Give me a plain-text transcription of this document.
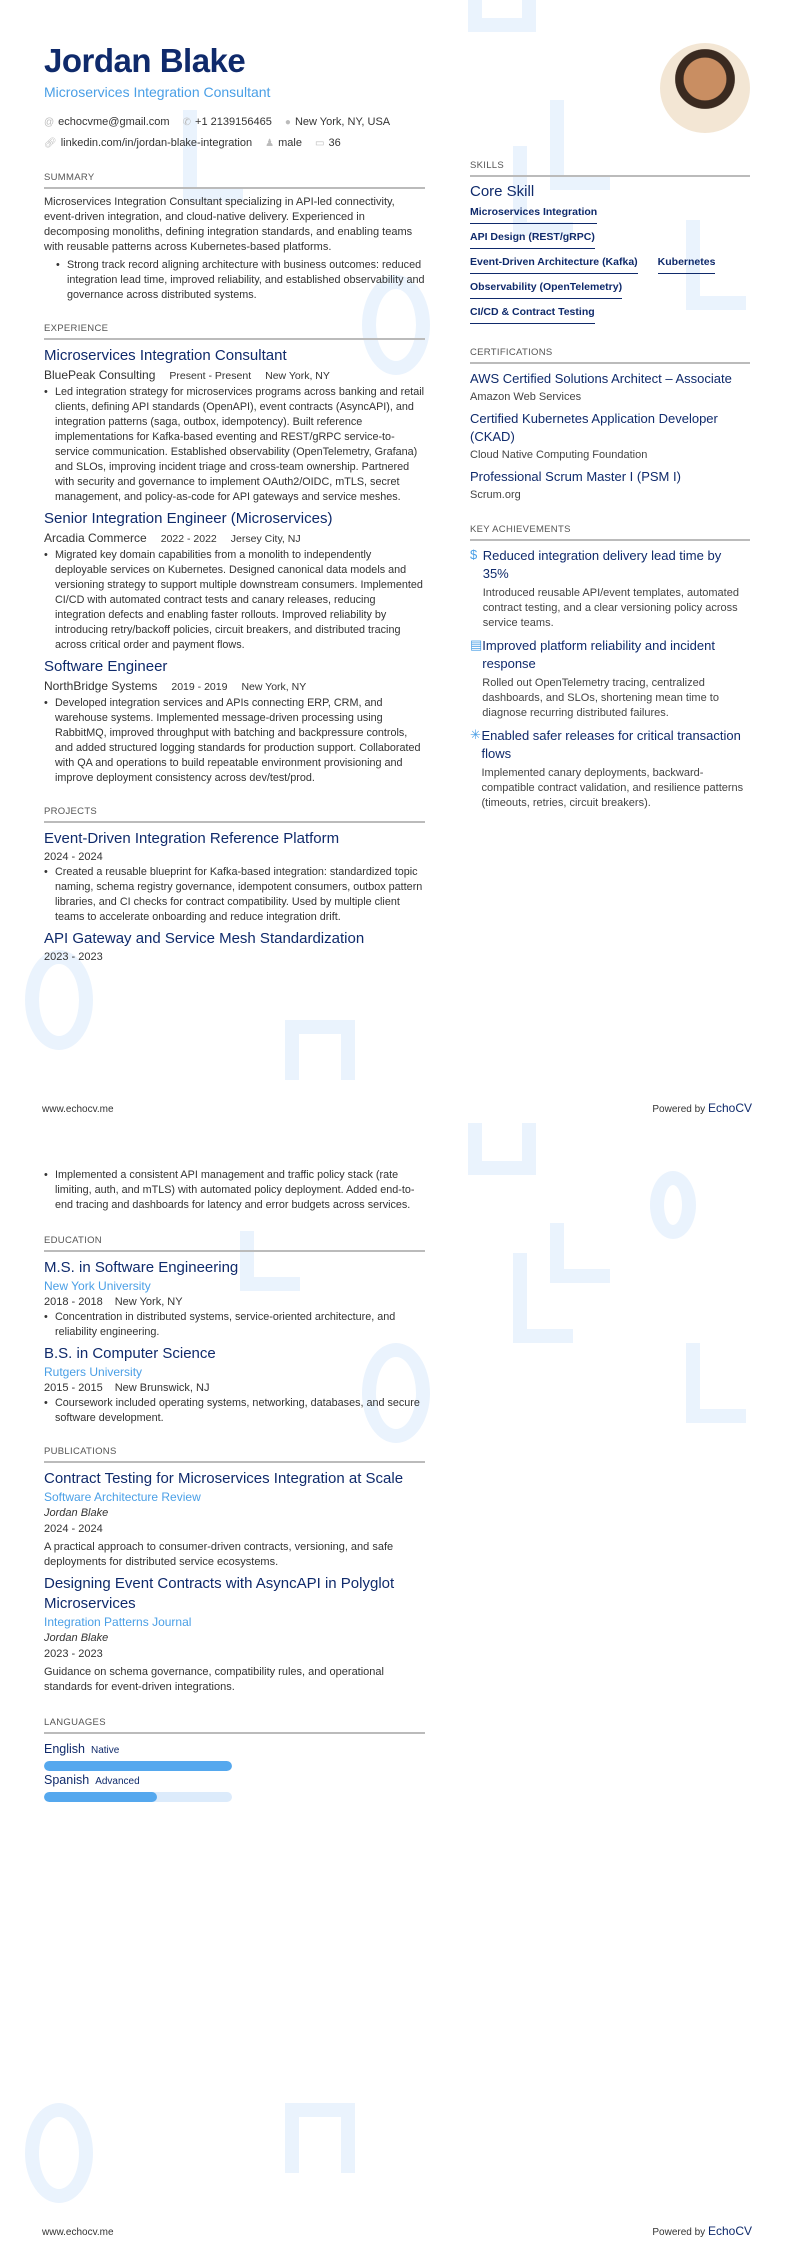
Jordan Blake
Microservices Integration Consultant
@ echocvme@gmail.com ✆ +1 2139156465 ● New York, NY, USA
🔗︎ linkedin.com/in/jordan-blake-integration ♟ male ▭ 36
SUMMARY
Microservices Integration Consultant specializing in API-led connectivity, event-driven integration, and cloud-native delivery. Experienced in decomposing monoliths, defining integration standards, and enabling teams with reusable patterns across Kubernetes-based platforms.
• Strong track record aligning architecture with business outcomes: reduced integration lead time, improved reliability, and established observability and governance across distributed systems.
EXPERIENCE
Microservices Integration Consultant
BluePeak Consulting Present - Present New York, NY
• Led integration strategy for microservices programs across banking and retail clients, defining API standards (OpenAPI), event contracts (AsyncAPI), and integration patterns (saga, outbox, idempotency). Built reference implementations for Kafka-based eventing and REST/gRPC service-to-service communication. Established observability (OpenTelemetry, Grafana) and SLOs, improving incident triage and cross-team ownership. Partnered with security and governance to implement OAuth2/OIDC, mTLS, secret management, and policy-as-code for API gateways and service meshes.
Senior Integration Engineer (Microservices)
Arcadia Commerce 2022 - 2022 Jersey City, NJ
• Migrated key domain capabilities from a monolith to independently deployable services on Kubernetes. Designed canonical data models and versioning strategy to support multiple downstream consumers. Implemented CI/CD with automated contract tests and canary releases, reducing integration defects and enabling faster rollouts. Improved reliability by introducing retry/backoff policies, circuit breakers, and distributed tracing across critical order and payment flows.
Software Engineer
NorthBridge Systems 2019 - 2019 New York, NY
• Developed integration services and APIs connecting ERP, CRM, and warehouse systems. Implemented message-driven processing using RabbitMQ, improved throughput with batching and backpressure controls, and added structured logging standards for production support. Collaborated with QA and operations to build repeatable environment provisioning and improve deployment consistency across dev/test/prod.
PROJECTS
Event-Driven Integration Reference Platform
2024 - 2024
• Created a reusable blueprint for Kafka-based integration: standardized topic naming, schema registry governance, idempotent consumers, outbox pattern libraries, and CI checks for contract compatibility. Used by multiple client teams to accelerate onboarding and reduce integration drift.
API Gateway and Service Mesh Standardization
2023 - 2023
SKILLS
Core Skill
Microservices Integration
API Design (REST/gRPC)
Event-Driven Architecture (Kafka) Kubernetes
Observability (OpenTelemetry)
CI/CD & Contract Testing
CERTIFICATIONS
AWS Certified Solutions Architect – Associate
Amazon Web Services
Certified Kubernetes Application Developer (CKAD)
Cloud Native Computing Foundation
Professional Scrum Master I (PSM I)
Scrum.org
KEY ACHIEVEMENTS
$ Reduced integration delivery lead time by 35%
Introduced reusable API/event templates, automated contract testing, and a clear versioning policy across service teams.
▤ Improved platform reliability and incident response
Rolled out OpenTelemetry tracing, centralized dashboards, and SLOs, shortening mean time to diagnose recurring distributed failures.
✳ Enabled safer releases for critical transaction flows
Implemented canary deployments, backward-compatible contract validation, and resilience patterns (timeouts, retries, circuit breakers).
www.echocv.me	Powered by EchoCV
• Implemented a consistent API management and traffic policy stack (rate limiting, auth, and mTLS) with automated policy deployment. Added end-to-end tracing and dashboards for latency and error budgets across services.
EDUCATION
M.S. in Software Engineering
New York University
2018 - 2018 New York, NY
• Concentration in distributed systems, service-oriented architecture, and reliability engineering.
B.S. in Computer Science
Rutgers University
2015 - 2015 New Brunswick, NJ
• Coursework included operating systems, networking, databases, and secure software development.
PUBLICATIONS
Contract Testing for Microservices Integration at Scale
Software Architecture Review
Jordan Blake
2024 - 2024
A practical approach to consumer-driven contracts, versioning, and safe deployments for distributed service ecosystems.
Designing Event Contracts with AsyncAPI in Polyglot Microservices
Integration Patterns Journal
Jordan Blake
2023 - 2023
Guidance on schema governance, compatibility rules, and operational standards for event-driven integrations.
LANGUAGES
English Native
Spanish Advanced
www.echocv.me	Powered by EchoCV
